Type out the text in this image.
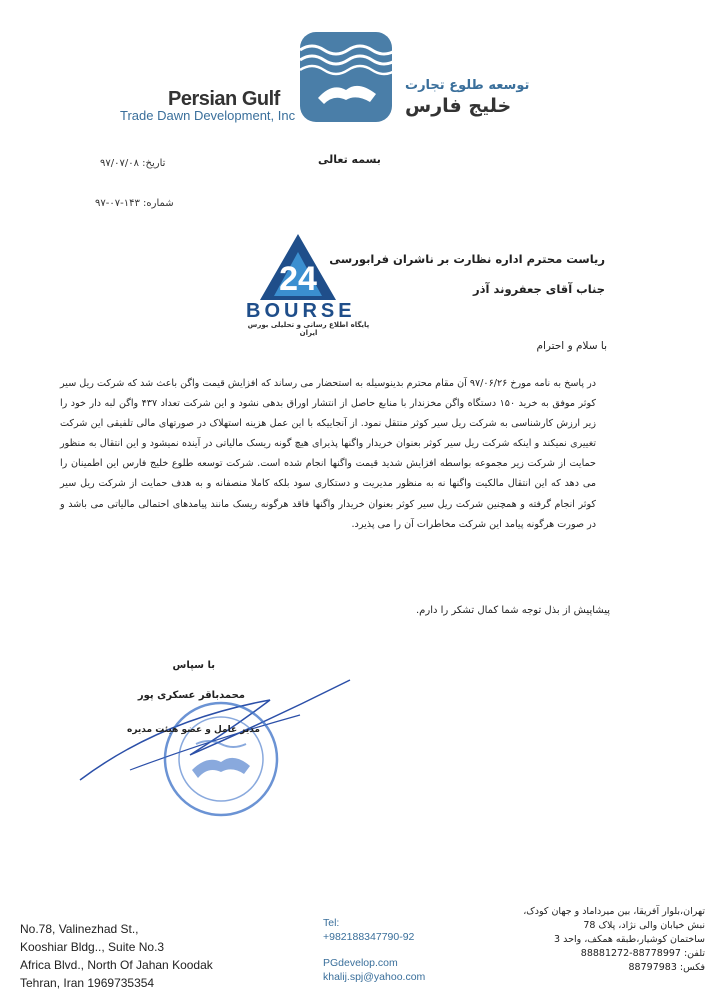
Persian Gulf
Trade Dawn Development, Inc
توسعه طلوع تجارت
خلیج فارس
بسمه تعالی
تاریخ: ۹۷/۰۷/۰۸
شماره: ۱۴۳-۰۷-۹۷
24
BOURSE
پایگاه اطلاع رسانی و تحلیلی بورس ایران
ریاست محترم اداره نظارت بر ناشران فرابورسی
جناب آقای جعفروند آذر
با سلام و احترام
در پاسخ به نامه مورخ ۹۷/۰۶/۲۶ آن مقام محترم بدینوسیله به استحضار می رساند که افزایش قیمت واگن باعث شد که شرکت ریل سیر کوثر موفق به خرید ۱۵۰ دستگاه واگن مخزندار با منابع حاصل از انتشار اوراق بدهی نشود و این شرکت تعداد ۴۳۷ واگن لبه دار خود را زیر ارزش کارشناسی به شرکت ریل سیر کوثر منتقل نمود. از آنجاییکه با این عمل هزینه استهلاک در صورتهای مالی تلفیقی این شرکت تغییری نمیکند و اینکه شرکت ریل سیر کوثر بعنوان خریدار واگنها پذیرای هیچ گونه ریسک مالیاتی در آینده نمیشود و این انتقال به منظور حمایت از شرکت زیر مجموعه بواسطه افزایش شدید قیمت واگنها انجام شده است. شرکت توسعه طلوع خلیج فارس این اطمینان را می دهد که این انتقال مالکیت واگنها نه به منظور مدیریت و دستکاری سود بلکه کاملا منصفانه و به هدف حمایت از شرکت ریل سیر کوثر انجام گرفته و همچنین شرکت ریل سیر کوثر بعنوان خریدار واگنها فاقد هرگونه ریسک مانند پیامدهای احتمالی مالیاتی می باشد و در صورت هرگونه پیامد این شرکت مخاطرات آن را می پذیرد.
پیشاپیش از بذل توجه شما کمال تشکر را دارم.
با سپاس
محمدباقر عسکری پور
مدیر عامل و عضو هیئت مدیره
No.78, Valinezhad St.,
Kooshiar Bldg.., Suite No.3
Africa Blvd., North Of Jahan Koodak
Tehran, Iran 1969735354
Tel:
+982188347790-92
PGdevelop.com
khalij.spj@yahoo.com
تهران،بلوار آفریقا، بین میرداماد و جهان کودک،
نبش خیابان والی نژاد، پلاک 78
ساختمان کوشیار،طبقه همکف، واحد 3
تلفن: 88778997-88881272
فکس: 88797983
